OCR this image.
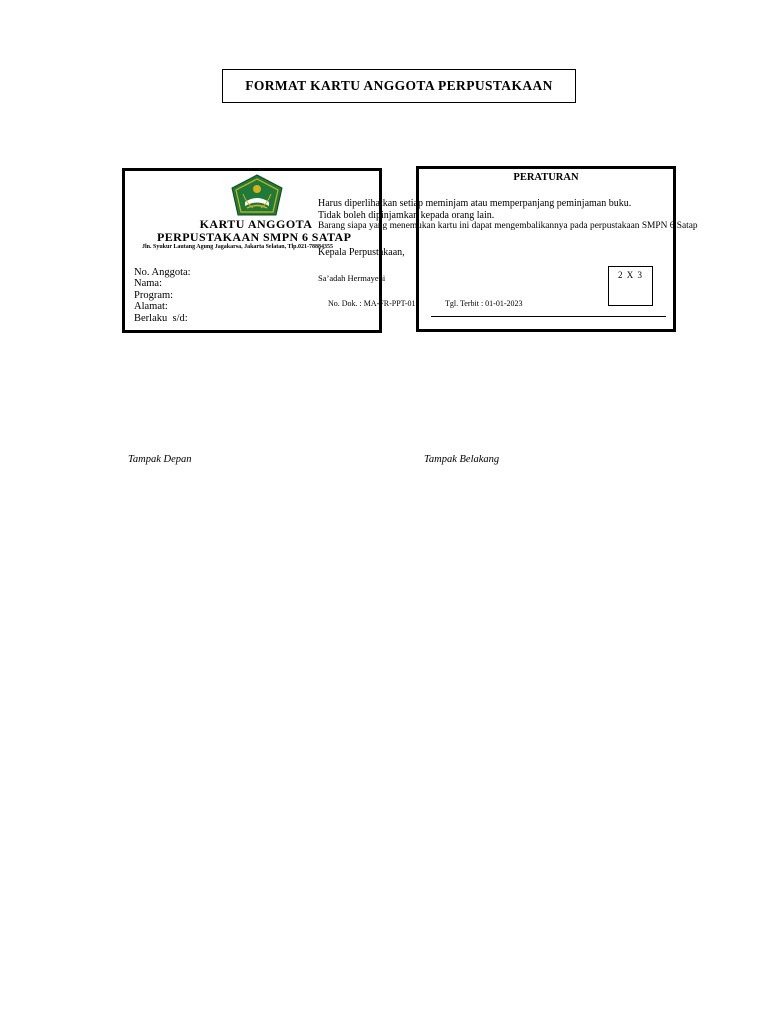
FORMAT KARTU ANGGOTA PERPUSTAKAAN
KARTU ANGGOTA
PERPUSTAKAAN SMPN 6 SATAP
Jln. Syukur Lautang Agung Jagakarsa, Jakarta Selatan, Tlp.021-78884355
No. Anggota:
Nama:
Program:
Alamat:
Berlaku  s/d:
PERATURAN
2 X 3
Harus diperlihatkan setiap meminjam atau memperpanjang peminjaman buku.
Tidak boleh dipinjamkan kepada orang lain.
Barang siapa yang menemukan kartu ini dapat mengembalikannya pada perpustakaan SMPN 6 Satap
Kepala Perpustakaan,
Sa’adah Hermayeni
No. Dok. : MA-FR-PPT-01	Tgl. Terbit : 01-01-2023
Tampak Depan	Tampak Belakang
